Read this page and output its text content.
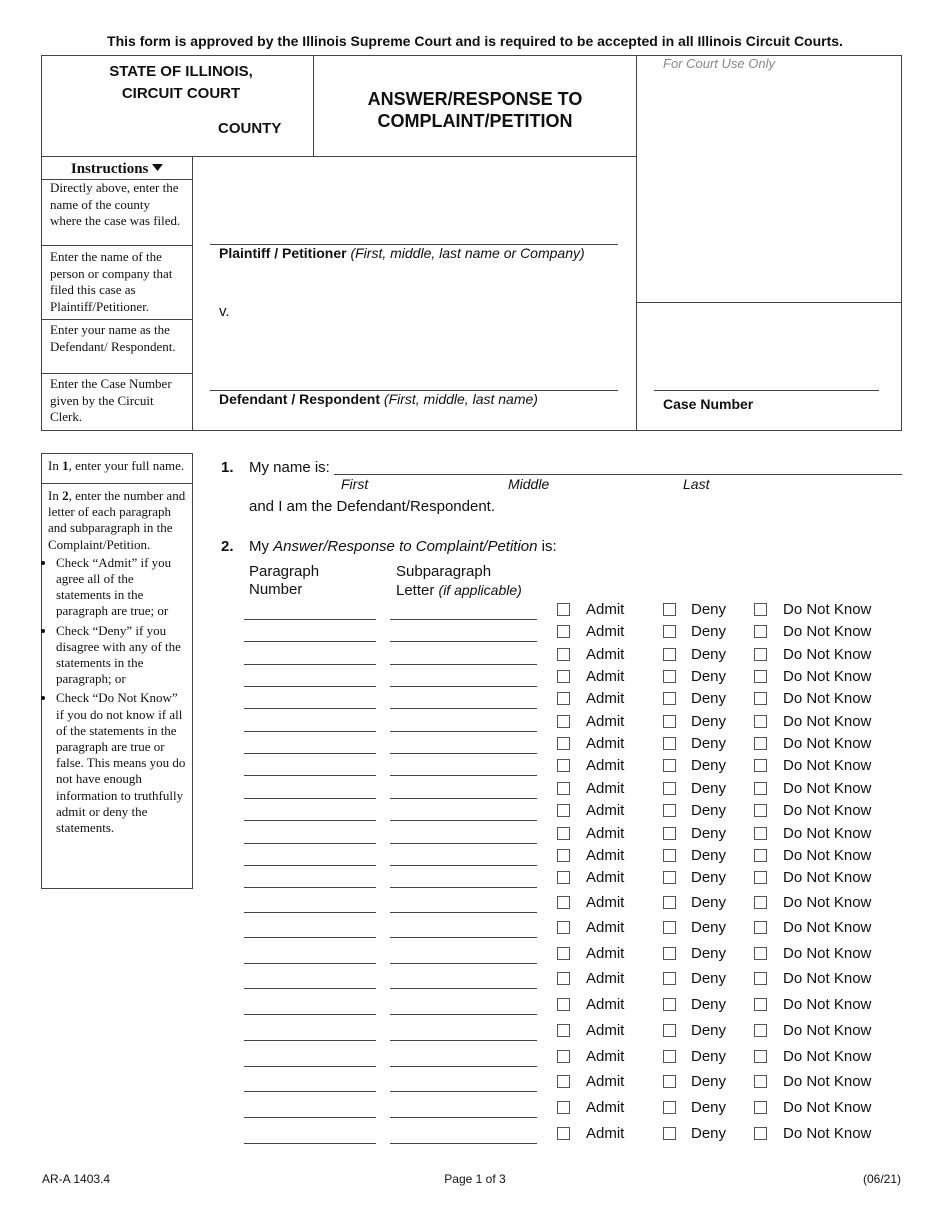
This form is approved by the Illinois Supreme Court and is required to be accepted in all Illinois Circuit Courts.
STATE OF ILLINOIS,
CIRCUIT COURT
COUNTY
ANSWER/RESPONSE TO
COMPLAINT/PETITION
For Court Use Only
Instructions
Directly above, enter the name of the county where the case was filed.
Enter the name of the person or company that filed this case as Plaintiff/Petitioner.
Enter your name as the Defendant/ Respondent.
Enter the Case Number given by the Circuit Clerk.
Plaintiff / Petitioner (First, middle, last name or Company)
v.
Defendant / Respondent (First, middle, last name)	Case Number
In 1, enter your full name.
In 2, enter the number and letter of each paragraph and subparagraph in the Complaint/Petition.
• Check “Admit” if you agree all of the statements in the paragraph are true; or
• Check “Deny” if you disagree with any of the statements in the paragraph; or
• Check “Do Not Know” if you do not know if all of the statements in the paragraph are true or false. This means you do not have enough information to truthfully admit or deny the statements.
1. My name is:
First	Middle	Last
and I am the Defendant/Respondent.
2. My Answer/Response to Complaint/Petition is:
Paragraph
Number
Subparagraph
Letter (if applicable)
Admit	Deny	Do Not Know
Admit	Deny	Do Not Know
Admit	Deny	Do Not Know
Admit	Deny	Do Not Know
Admit	Deny	Do Not Know
Admit	Deny	Do Not Know
Admit	Deny	Do Not Know
Admit	Deny	Do Not Know
Admit	Deny	Do Not Know
Admit	Deny	Do Not Know
Admit	Deny	Do Not Know
Admit	Deny	Do Not Know
Admit	Deny	Do Not Know
Admit	Deny	Do Not Know
Admit	Deny	Do Not Know
Admit	Deny	Do Not Know
Admit	Deny	Do Not Know
Admit	Deny	Do Not Know
Admit	Deny	Do Not Know
Admit	Deny	Do Not Know
Admit	Deny	Do Not Know
Admit	Deny	Do Not Know
Admit	Deny	Do Not Know
AR-A 1403.4	Page 1 of 3	(06/21)
